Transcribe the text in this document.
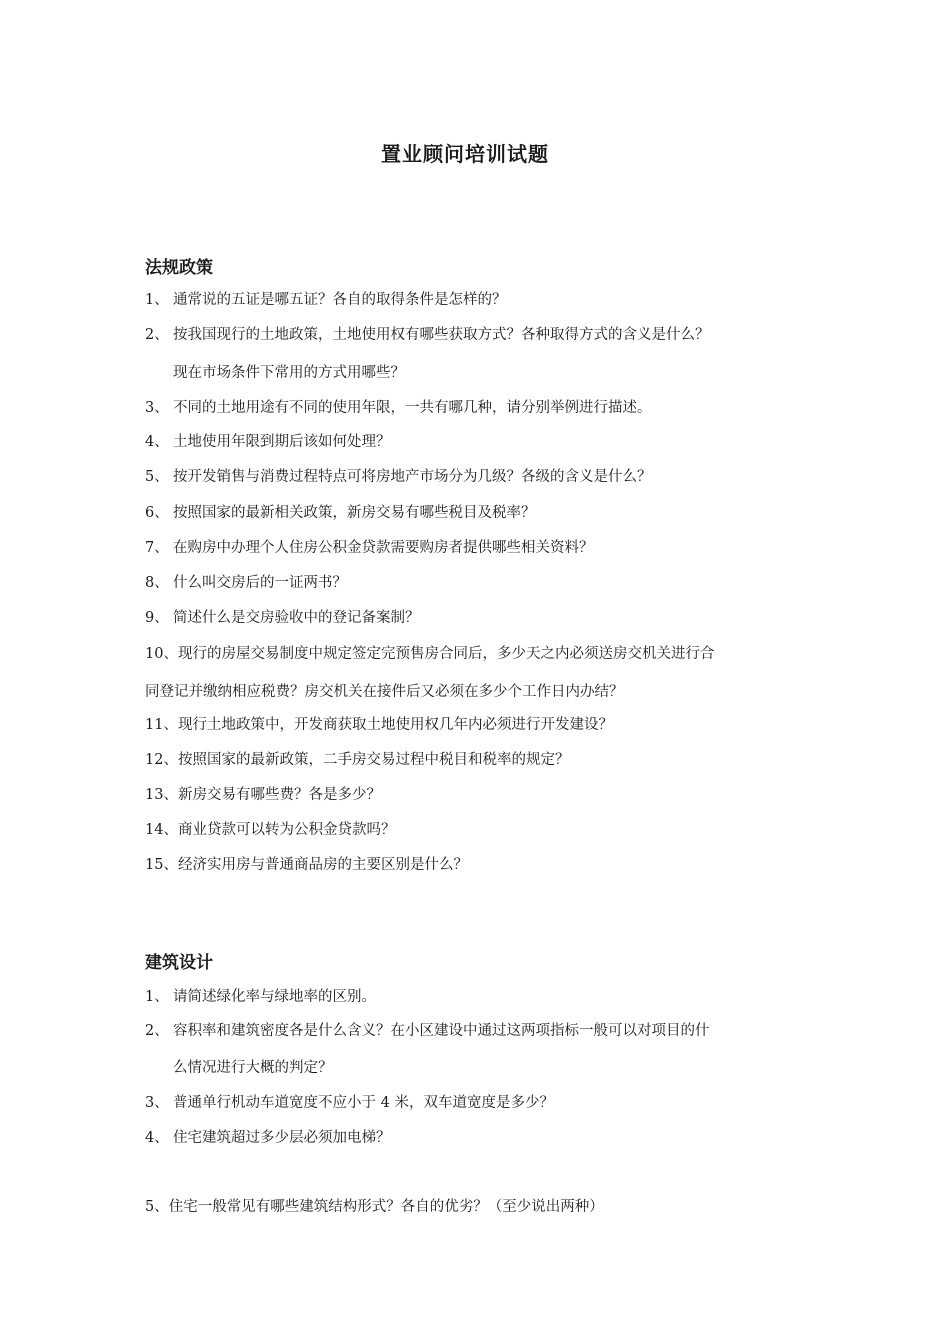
置业顾问培训试题
法规政策
1、 通常说的五证是哪五证？各自的取得条件是怎样的？
2、 按我国现行的土地政策，土地使用权有哪些获取方式？各种取得方式的含义是什么？
现在市场条件下常用的方式用哪些？
3、 不同的土地用途有不同的使用年限，一共有哪几种，请分别举例进行描述。
4、 土地使用年限到期后该如何处理？
5、 按开发销售与消费过程特点可将房地产市场分为几级？各级的含义是什么？
6、 按照国家的最新相关政策，新房交易有哪些税目及税率？
7、 在购房中办理个人住房公积金贷款需要购房者提供哪些相关资料？
8、 什么叫交房后的一证两书？
9、 简述什么是交房验收中的登记备案制？
10、现行的房屋交易制度中规定签定完预售房合同后，多少天之内必须送房交机关进行合
同登记并缴纳相应税费？房交机关在接件后又必须在多少个工作日内办结？
11、现行土地政策中，开发商获取土地使用权几年内必须进行开发建设？
12、按照国家的最新政策，二手房交易过程中税目和税率的规定？
13、新房交易有哪些费？各是多少？
14、商业贷款可以转为公积金贷款吗？
15、经济实用房与普通商品房的主要区别是什么？
建筑设计
1、 请简述绿化率与绿地率的区别。
2、 容积率和建筑密度各是什么含义？在小区建设中通过这两项指标一般可以对项目的什
么情况进行大概的判定？
3、 普通单行机动车道宽度不应小于 4 米，双车道宽度是多少？
4、 住宅建筑超过多少层必须加电梯？
5、住宅一般常见有哪些建筑结构形式？各自的优劣？（至少说出两种）
